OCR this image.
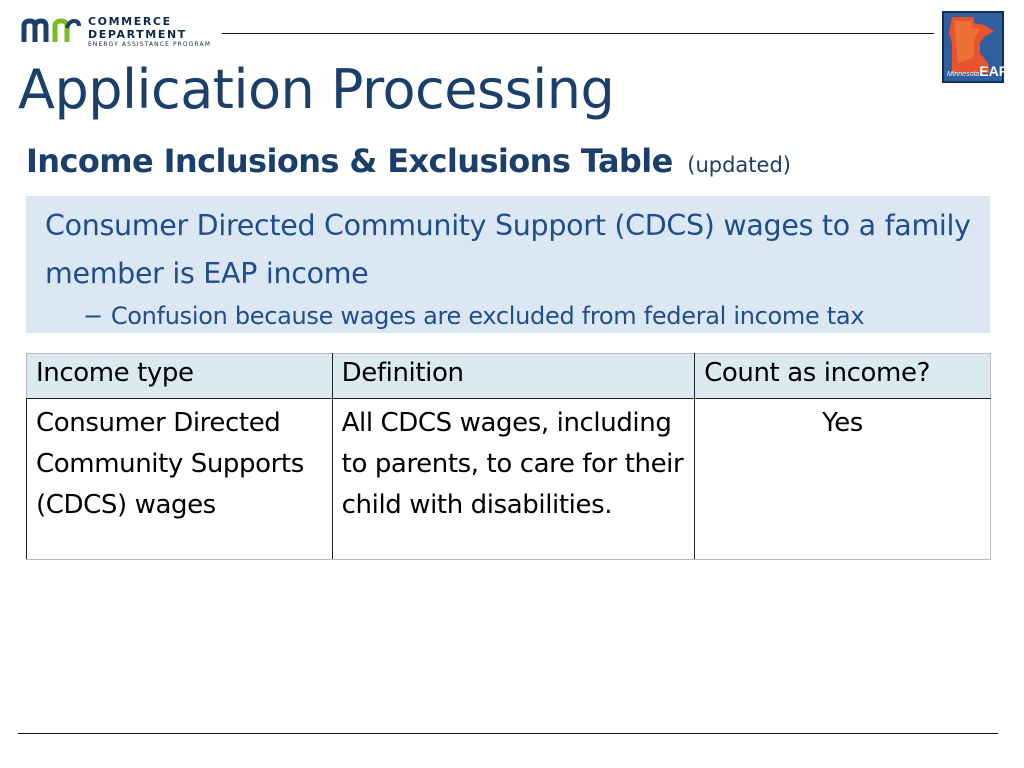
COMMERCE
DEPARTMENT
ENERGY ASSISTANCE PROGRAM
Minnesota EAP
Application Processing
Income Inclusions & Exclusions Table (updated)

Consumer Directed Community Support (CDCS) wages to a family member is EAP income

− Confusion because wages are excluded from federal income tax

Income type	Definition	Count as income?
Consumer Directed Community Supports (CDCS) wages	All CDCS wages, including to parents, to care for their child with disabilities.	Yes
